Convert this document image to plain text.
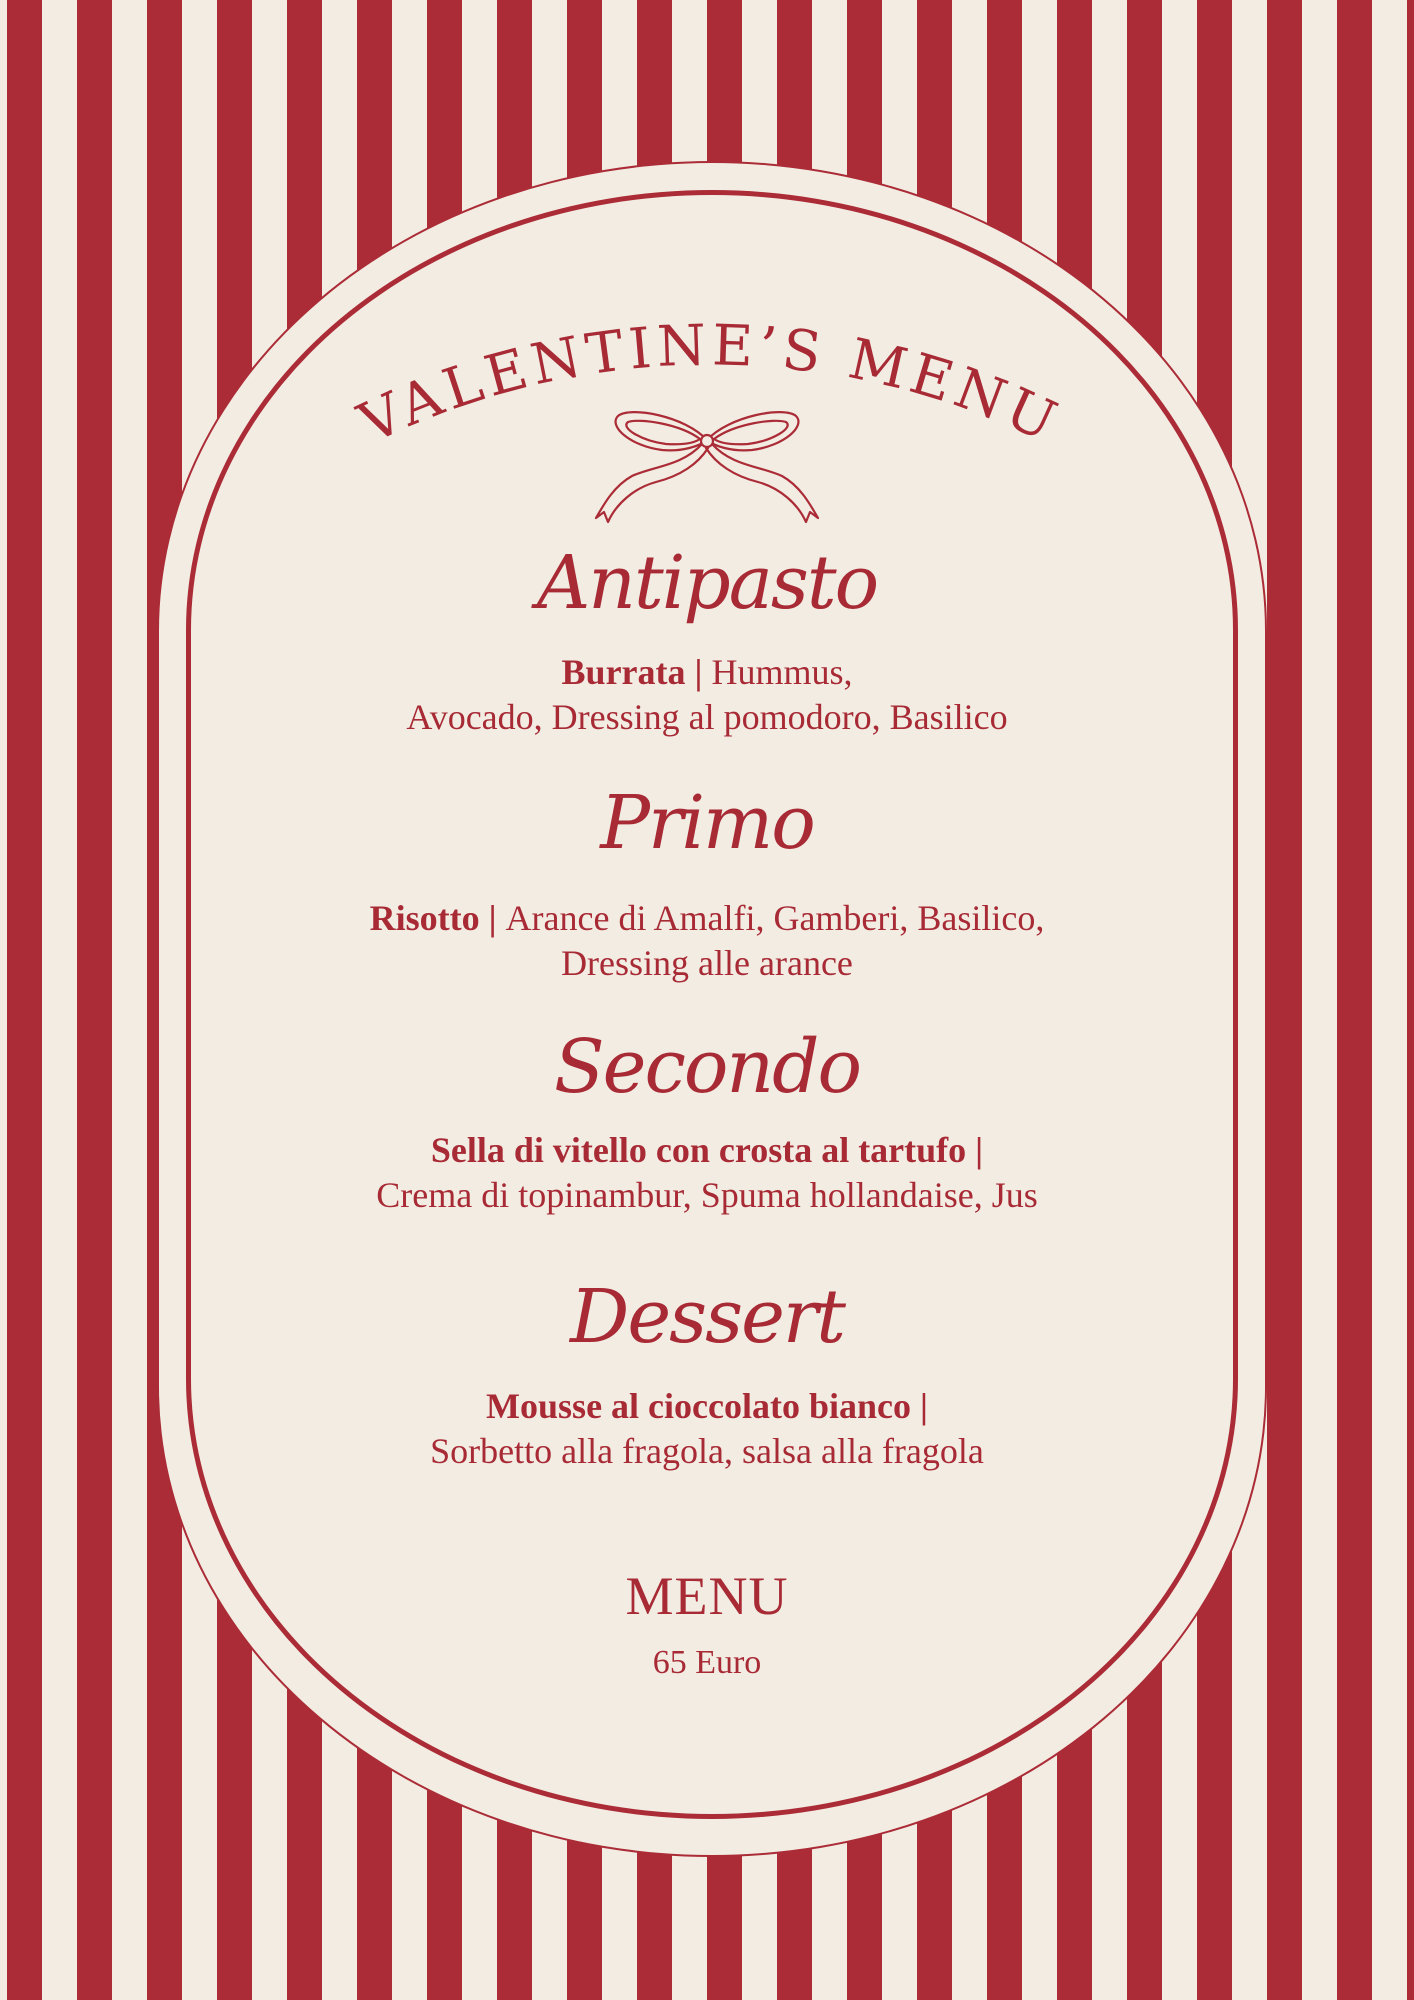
VALENTINE’S MENU
Antipasto
Burrata | Hummus,
Avocado, Dressing al pomodoro, Basilico
Primo
Risotto | Arance di Amalfi, Gamberi, Basilico,
Dressing alle arance
Secondo
Sella di vitello con crosta al tartufo |
Crema di topinambur, Spuma hollandaise, Jus
Dessert
Mousse al cioccolato bianco |
Sorbetto alla fragola, salsa alla fragola
MENU
65 Euro
